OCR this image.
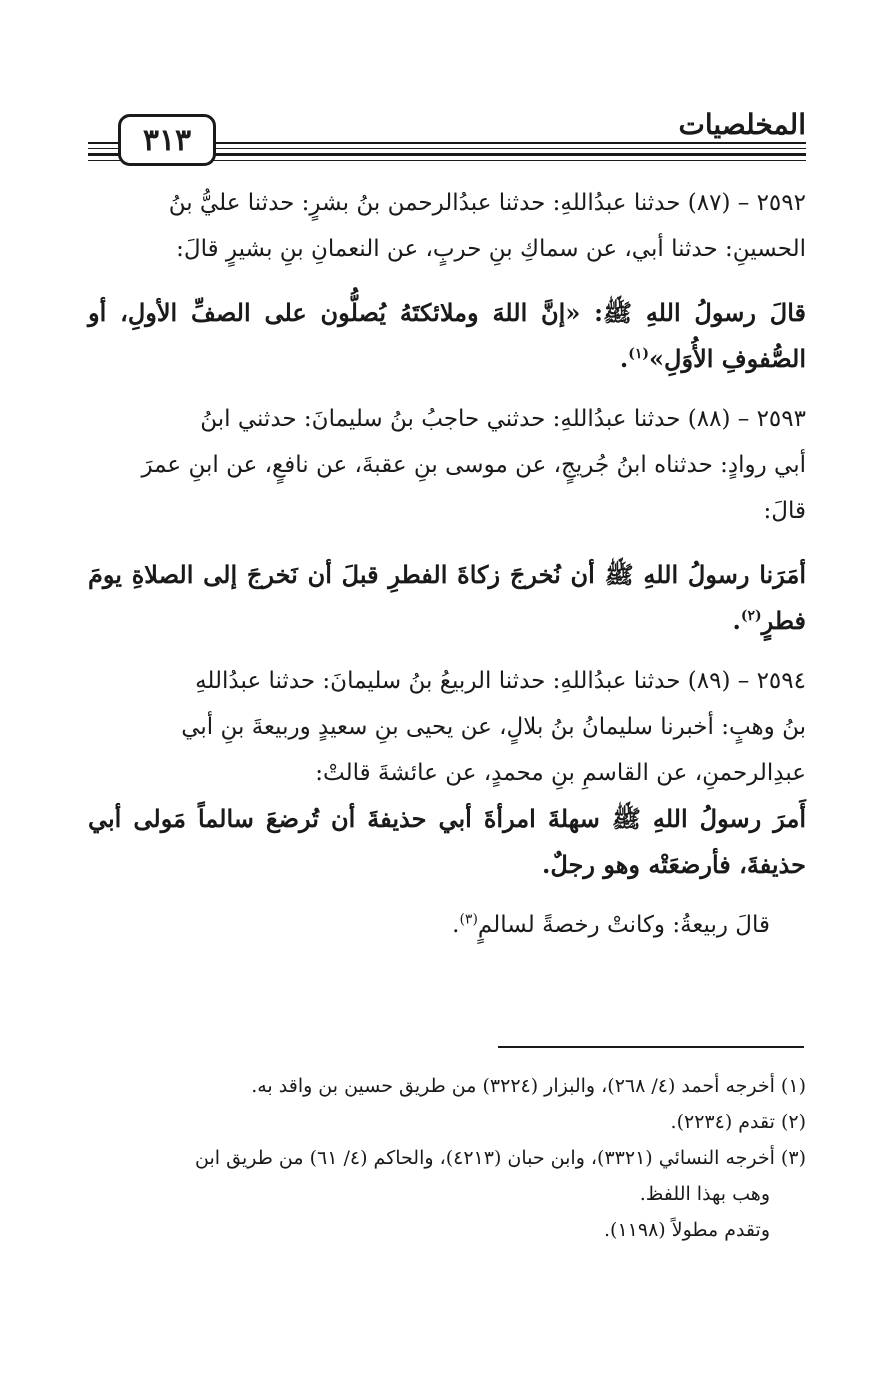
المخلصيات
٣١٣

٢٥٩٢ – (٨٧) حدثنا عبدُاللهِ: حدثنا عبدُالرحمن بنُ بشرٍ: حدثنا عليُّ بنُ

الحسينِ: حدثنا أبي، عن سماكِ بنِ حربٍ، عن النعمانِ بنِ بشيرٍ قالَ:

قالَ رسولُ اللهِ ﷺ: «إنَّ اللهَ وملائكتَهُ يُصلُّون على الصفِّ الأولِ، أو الصُّفوفِ الأُوَلِ»$^{(١)}$.

٢٥٩٣ – (٨٨) حدثنا عبدُاللهِ: حدثني حاجبُ بنُ سليمانَ: حدثني ابنُ

أبي روادٍ: حدثناه ابنُ جُريجٍ، عن موسى بنِ عقبةَ، عن نافعٍ، عن ابنِ عمرَ

قالَ:

أمَرَنا رسولُ اللهِ ﷺ أن نُخرجَ زكاةَ الفطرِ قبلَ أن نَخرجَ إلى الصلاةِ يومَ فطرٍ$^{(٢)}$.

٢٥٩٤ – (٨٩) حدثنا عبدُاللهِ: حدثنا الربيعُ بنُ سليمانَ: حدثنا عبدُاللهِ

بنُ وهبٍ: أخبرنا سليمانُ بنُ بلالٍ، عن يحيى بنِ سعيدٍ وربيعةَ بنِ أبي

عبدِالرحمنِ، عن القاسمِ بنِ محمدٍ، عن عائشةَ قالتْ:

أَمرَ رسولُ اللهِ ﷺ سهلةَ امرأةَ أبي حذيفةَ أن تُرضعَ سالماً مَولى أبي حذيفةَ، فأرضعَتْه وهو رجلٌ.

قالَ ربيعةُ: وكانتْ رخصةً لسالمٍ$^{(٣)}$.

(١) أخرجه أحمد (٤/ ٢٦٨)، والبزار (٣٢٢٤) من طريق حسين بن واقد به.

(٢) تقدم (٢٢٣٤).

(٣) أخرجه النسائي (٣٣٢١)، وابن حبان (٤٢١٣)، والحاكم (٤/ ٦١) من طريق ابن

وهب بهذا اللفظ.

وتقدم مطولاً (١١٩٨).
